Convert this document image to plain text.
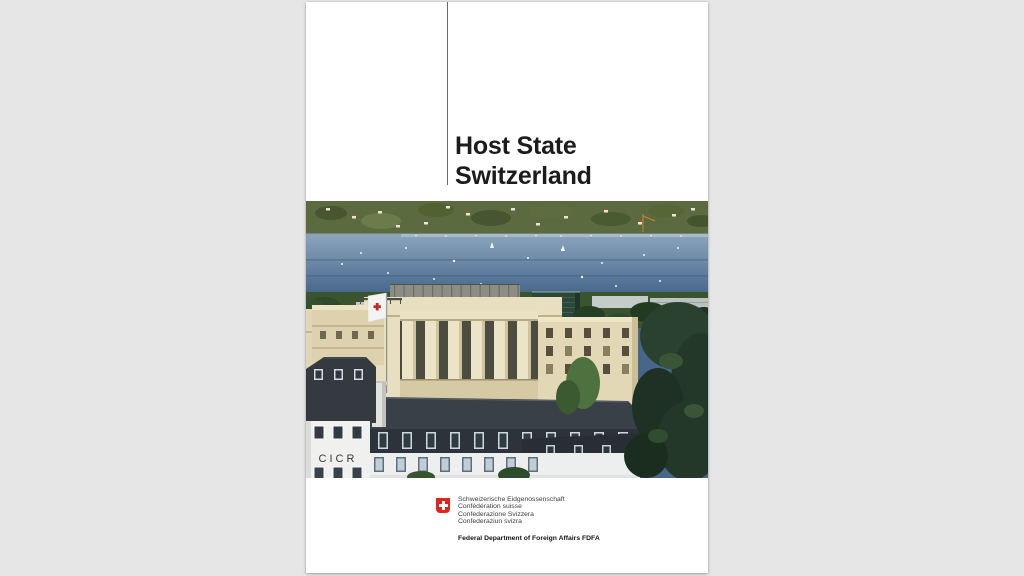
Host State
Switzerland
CICR
Schweizerische Eidgenossenschaft
Confédération suisse
Confederazione Svizzera
Confederaziun svizra
Federal Department of Foreign Affairs FDFA
